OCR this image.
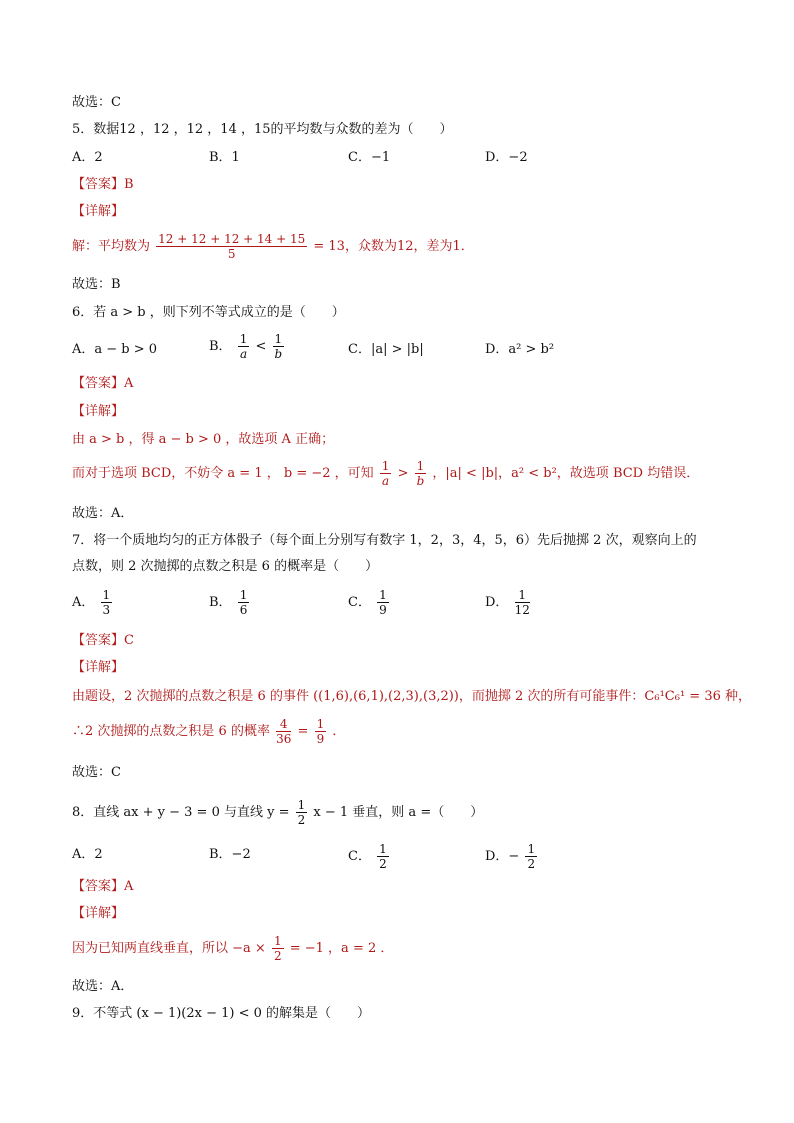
故选：C
5．数据12 ，12 ，12 ，14 ，15的平均数与众数的差为（　　）
A．2	B．1	C．−1	D．−2
【答案】B
【详解】
解：平均数为 $\frac{12 + 12 + 12 + 14 + 15}{5} = 13$，众数为12，差为1．
故选：B
6．若 a > b ，则下列不等式成立的是（　　）
A．a − b > 0	B． $\frac{1}{a} < \frac{1}{b}$	C．|a| > |b|	D．a² > b²
【答案】A
【详解】
由 a > b ，得 a − b > 0 ，故选项 A 正确；
而对于选项 BCD，不妨令 a = 1 ， b = −2 ，可知 $\frac{1}{a} > \frac{1}{b}$ ，|a| < |b|，a² < b²，故选项 BCD 均错误．
故选：A．
7．将一个质地均匀的正方体骰子（每个面上分别写有数字 1，2，3，4，5，6）先后抛掷 2 次，观察向上的
点数，则 2 次抛掷的点数之积是 6 的概率是（　　）
A． $\frac{1}{3}$	B． $\frac{1}{6}$	C． $\frac{1}{9}$	D． $\frac{1}{12}$
【答案】C
【详解】
由题设，2 次抛掷的点数之积是 6 的事件 ((1,6),(6,1),(2,3),(3,2))，而抛掷 2 次的所有可能事件：C₆¹C₆¹ = 36 种，
∴2 次抛掷的点数之积是 6 的概率 $\frac{4}{36} = \frac{1}{9}$ ．
故选：C
8．直线 ax + y − 3 = 0 与直线 $y = \frac{1}{2}$ x − 1 垂直，则 a =（　　）
A．2	B．−2	C． $\frac{1}{2}$	D．− $\frac{1}{2}$
【答案】A
【详解】
因为已知两直线垂直，所以 $-a \times \frac{1}{2} = -1$ ，a = 2 ．
故选：A．
9．不等式 (x − 1)(2x − 1) < 0 的解集是（　　）
